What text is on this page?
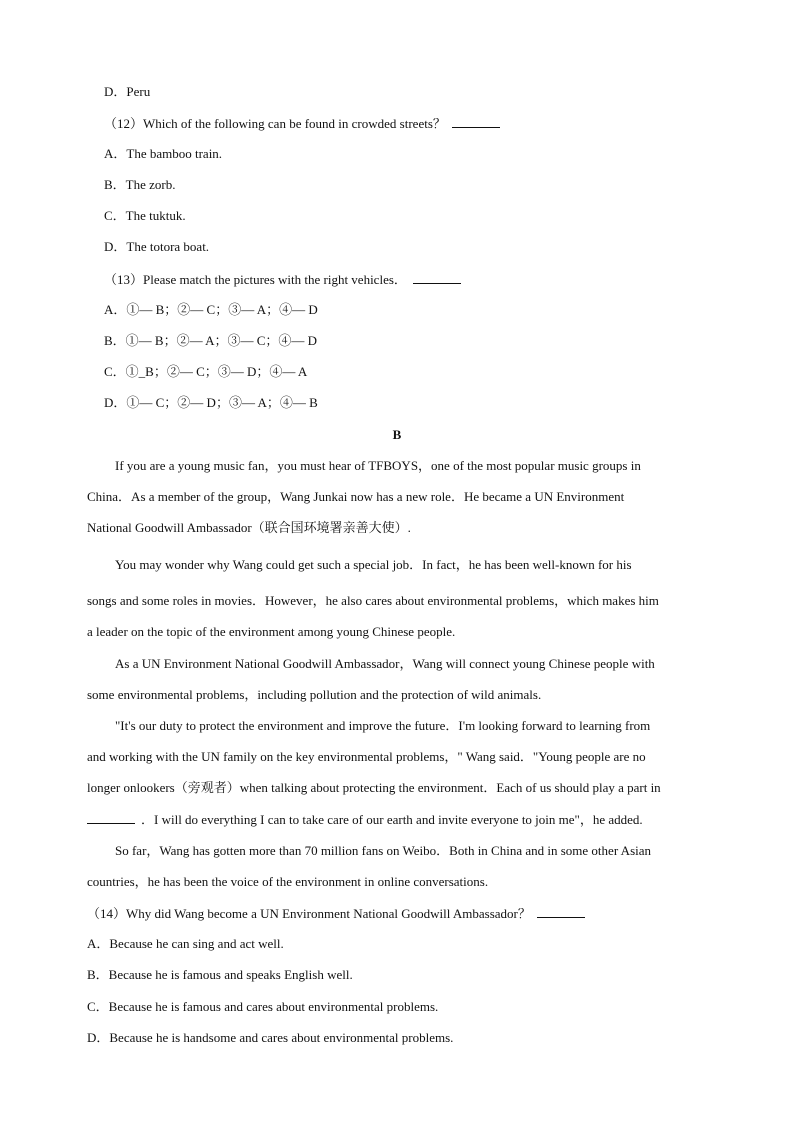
D．Peru
（12）Which of the following can be found in crowded streets？
A．The bamboo train.
B．The zorb.
C．The tuktuk.
D．The totora boat.
（13）Please match the pictures with the right vehicles．
A．①— B；②— C；③— A；④— D
B．①— B；②— A；③— C；④— D
C．①_B；②— C；③— D；④— A
D．①— C；②— D；③— A；④— B
B
If you are a young music fan，you must hear of TFBOYS，one of the most popular music groups in
China．As a member of the group，Wang Junkai now has a new role．He became a UN Environment
National Goodwill Ambassador（联合国环境署亲善大使）.
You may wonder why Wang could get such a special job．In fact，he has been well-known for his
songs and some roles in movies．However，he also cares about environmental problems，which makes him
a leader on the topic of the environment among young Chinese people.
As a UN Environment National Goodwill Ambassador，Wang will connect young Chinese people with
some environmental problems，including pollution and the protection of wild animals.
"It's our duty to protect the environment and improve the future．I'm looking forward to learning from
and working with the UN family on the key environmental problems，" Wang said．"Young people are no
longer onlookers（旁观者）when talking about protecting the environment．Each of us should play a part in
．I will do everything I can to take care of our earth and invite everyone to join me"，he added.
So far，Wang has gotten more than 70 million fans on Weibo．Both in China and in some other Asian
countries，he has been the voice of the environment in online conversations.
（14）Why did Wang become a UN Environment National Goodwill Ambassador？
A．Because he can sing and act well.
B．Because he is famous and speaks English well.
C．Because he is famous and cares about environmental problems.
D．Because he is handsome and cares about environmental problems.
